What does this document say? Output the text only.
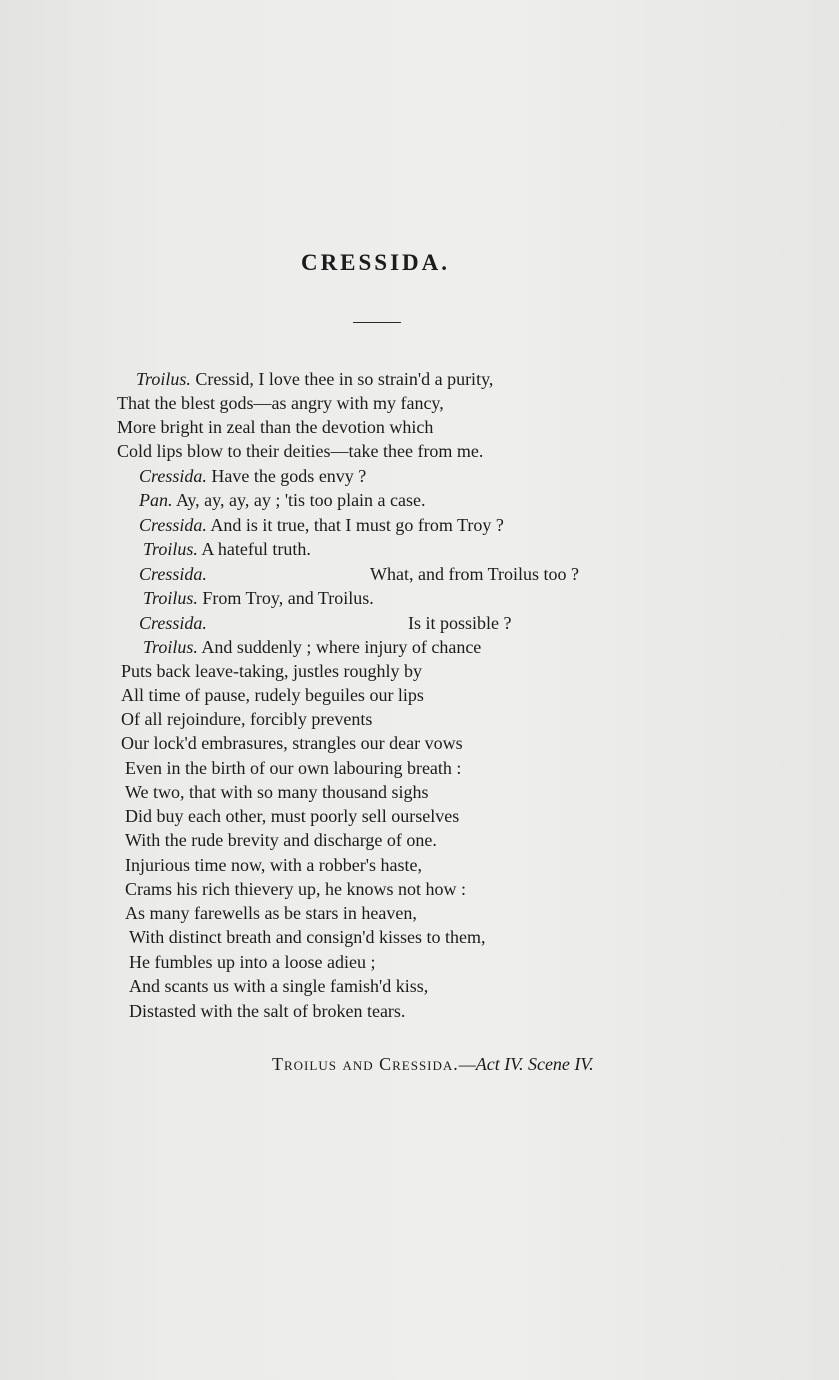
CRESSIDA.
Troilus. Cressid, I love thee in so strain'd a purity,
That the blest gods—as angry with my fancy,
More bright in zeal than the devotion which
Cold lips blow to their deities—take thee from me.
Cressida. Have the gods envy ?
Pan. Ay, ay, ay, ay ; 'tis too plain a case.
Cressida. And is it true, that I must go from Troy ?
Troilus. A hateful truth.
Cressida.	What, and from Troilus too ?
Troilus. From Troy, and Troilus.
Cressida.	Is it possible ?
Troilus. And suddenly ; where injury of chance
Puts back leave-taking, justles roughly by
All time of pause, rudely beguiles our lips
Of all rejoindure, forcibly prevents
Our lock'd embrasures, strangles our dear vows
Even in the birth of our own labouring breath :
We two, that with so many thousand sighs
Did buy each other, must poorly sell ourselves
With the rude brevity and discharge of one.
Injurious time now, with a robber's haste,
Crams his rich thievery up, he knows not how :
As many farewells as be stars in heaven,
With distinct breath and consign'd kisses to them,
He fumbles up into a loose adieu ;
And scants us with a single famish'd kiss,
Distasted with the salt of broken tears.
Troilus and Cressida.—Act IV. Scene IV.
